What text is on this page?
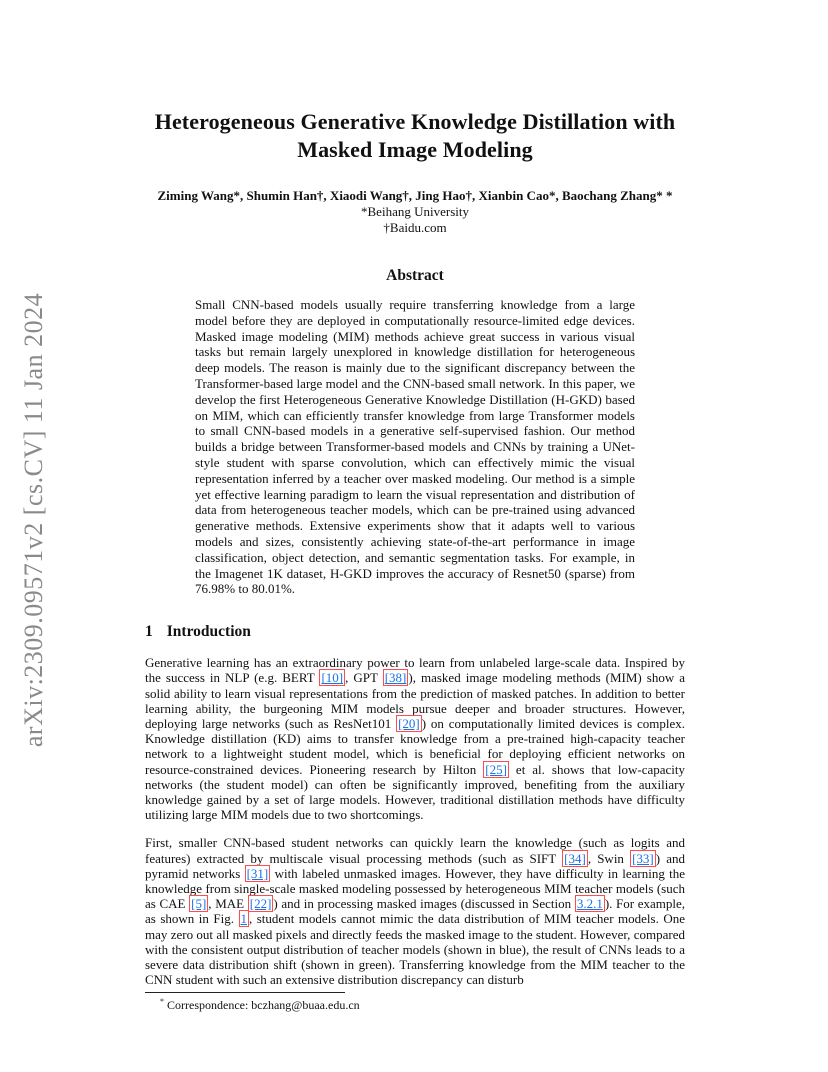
arXiv:2309.09571v2 [cs.CV] 11 Jan 2024
Heterogeneous Generative Knowledge Distillation with Masked Image Modeling
Ziming Wang*, Shumin Han†, Xiaodi Wang†, Jing Hao†, Xianbin Cao*, Baochang Zhang* *
*Beihang University
†Baidu.com
Abstract

Small CNN-based models usually require transferring knowledge from a large model before they are deployed in computationally resource-limited edge devices. Masked image modeling (MIM) methods achieve great success in various visual tasks but remain largely unexplored in knowledge distillation for heterogeneous deep models. The reason is mainly due to the significant discrepancy between the Transformer-based large model and the CNN-based small network. In this paper, we develop the first Heterogeneous Generative Knowledge Distillation (H-GKD) based on MIM, which can efficiently transfer knowledge from large Transformer models to small CNN-based models in a generative self-supervised fashion. Our method builds a bridge between Transformer-based models and CNNs by training a UNet-style student with sparse convolution, which can effectively mimic the visual representation inferred by a teacher over masked modeling. Our method is a simple yet effective learning paradigm to learn the visual representation and distribution of data from heterogeneous teacher models, which can be pre-trained using advanced generative methods. Extensive experiments show that it adapts well to various models and sizes, consistently achieving state-of-the-art performance in image classification, object detection, and semantic segmentation tasks. For example, in the Imagenet 1K dataset, H-GKD improves the accuracy of Resnet50 (sparse) from 76.98% to 80.01%.

1 Introduction

Generative learning has an extraordinary power to learn from unlabeled large-scale data. Inspired by the success in NLP (e.g. BERT [10] , GPT [38] ), masked image modeling methods (MIM) show a solid ability to learn visual representations from the prediction of masked patches. In addition to better learning ability, the burgeoning MIM models pursue deeper and broader structures. However, deploying large networks (such as ResNet101 [20] ) on computationally limited devices is complex. Knowledge distillation (KD) aims to transfer knowledge from a pre-trained high-capacity teacher network to a lightweight student model, which is beneficial for deploying efficient networks on resource-constrained devices. Pioneering research by Hilton [25] et al. shows that low-capacity networks (the student model) can often be significantly improved, benefiting from the auxiliary knowledge gained by a set of large models. However, traditional distillation methods have difficulty utilizing large MIM models due to two shortcomings.

First, smaller CNN-based student networks can quickly learn the knowledge (such as logits and features) extracted by multiscale visual processing methods (such as SIFT [34] , Swin [33] ) and pyramid networks [31] with labeled unmasked images. However, they have difficulty in learning the knowledge from single-scale masked modeling possessed by heterogeneous MIM teacher models (such as CAE [5] , MAE [22] ) and in processing masked images (discussed in Section 3.2.1 ). For example, as shown in Fig. 1 , student models cannot mimic the data distribution of MIM teacher models. One may zero out all masked pixels and directly feeds the masked image to the student. However, compared with the consistent output distribution of teacher models (shown in blue), the result of CNNs leads to a severe data distribution shift (shown in green). Transferring knowledge from the MIM teacher to the CNN student with such an extensive distribution discrepancy can disturb

* Correspondence: bczhang@buaa.edu.cn
